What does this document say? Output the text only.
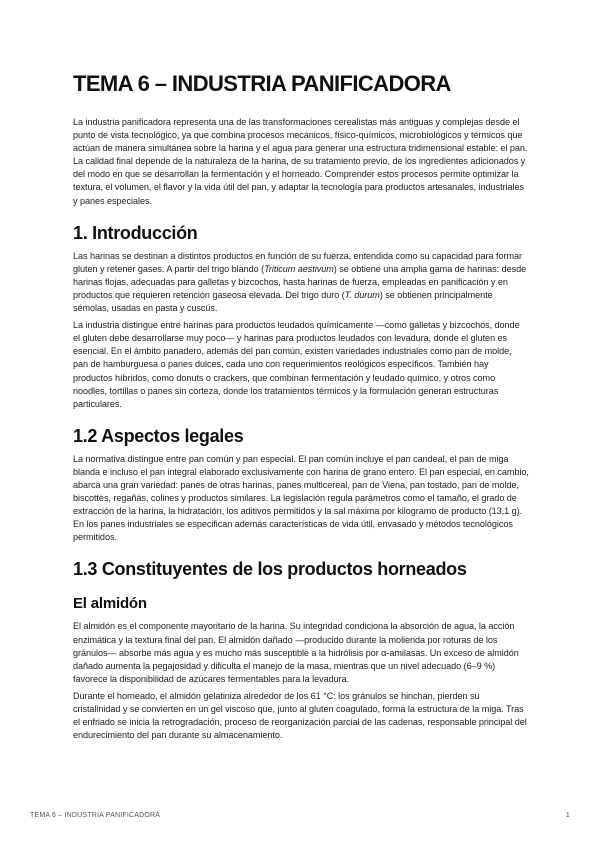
TEMA 6 – INDUSTRIA PANIFICADORA

La industria panificadora representa una de las transformaciones cerealistas más antiguas y complejas desde el punto de vista tecnológico, ya que combina procesos mecánicos, físico-químicos, microbiológicos y térmicos que actúan de manera simultánea sobre la harina y el agua para generar una estructura tridimensional estable: el pan. La calidad final depende de la naturaleza de la harina, de su tratamiento previo, de los ingredientes adicionados y del modo en que se desarrollan la fermentación y el horneado. Comprender estos procesos permite optimizar la textura, el volumen, el flavor y la vida útil del pan, y adaptar la tecnología para productos artesanales, industriales y panes especiales.

1. Introducción

Las harinas se destinan a distintos productos en función de su fuerza, entendida como su capacidad para formar gluten y retener gases. A partir del trigo blando (Triticum aestivum) se obtiene una amplia gama de harinas: desde harinas flojas, adecuadas para galletas y bizcochos, hasta harinas de fuerza, empleadas en panificación y en productos que requieren retención gaseosa elevada. Del trigo duro (T. durum) se obtienen principalmente sémolas, usadas en pasta y cuscús.

La industria distingue entre harinas para productos leudados químicamente —como galletas y bizcochos, donde el gluten debe desarrollarse muy poco— y harinas para productos leudados con levadura, donde el gluten es esencial. En el ámbito panadero, además del pan común, existen variedades industriales como pan de molde, pan de hamburguesa o panes dulces, cada uno con requerimientos reológicos específicos. También hay productos híbridos, como donuts o crackers, que combinan fermentación y leudado químico, y otros como noodles, tortillas o panes sin corteza, donde los tratamientos térmicos y la formulación generan estructuras particulares.

1.2 Aspectos legales

La normativa distingue entre pan común y pan especial. El pan común incluye el pan candeal, el pan de miga blanda e incluso el pan integral elaborado exclusivamente con harina de grano entero. El pan especial, en cambio, abarca una gran variedad: panes de otras harinas, panes multicereal, pan de Viena, pan tostado, pan de molde, biscottes, regañás, colines y productos similares. La legislación regula parámetros como el tamaño, el grado de extracción de la harina, la hidratación, los aditivos permitidos y la sal máxima por kilogramo de producto (13,1 g). En los panes industriales se especifican además características de vida útil, envasado y métodos tecnológicos permitidos.

1.3 Constituyentes de los productos horneados
El almidón

El almidón es el componente mayoritario de la harina. Su integridad condiciona la absorción de agua, la acción enzimática y la textura final del pan. El almidón dañado —producido durante la molienda por roturas de los gránulos— absorbe más agua y es mucho más susceptible a la hidrólisis por α-amilasas. Un exceso de almidón dañado aumenta la pegajosidad y dificulta el manejo de la masa, mientras que un nivel adecuado (6–9 %) favorece la disponibilidad de azúcares fermentables para la levadura.

Durante el horneado, el almidón gelatiniza alrededor de los 61 °C: los gránulos se hinchan, pierden su cristalinidad y se convierten en un gel viscoso que, junto al gluten coagulado, forma la estructura de la miga. Tras el enfriado se inicia la retrogradación, proceso de reorganización parcial de las cadenas, responsable principal del endurecimiento del pan durante su almacenamiento.

TEMA 6 – INDUSTRIA PANIFICADORA	1
